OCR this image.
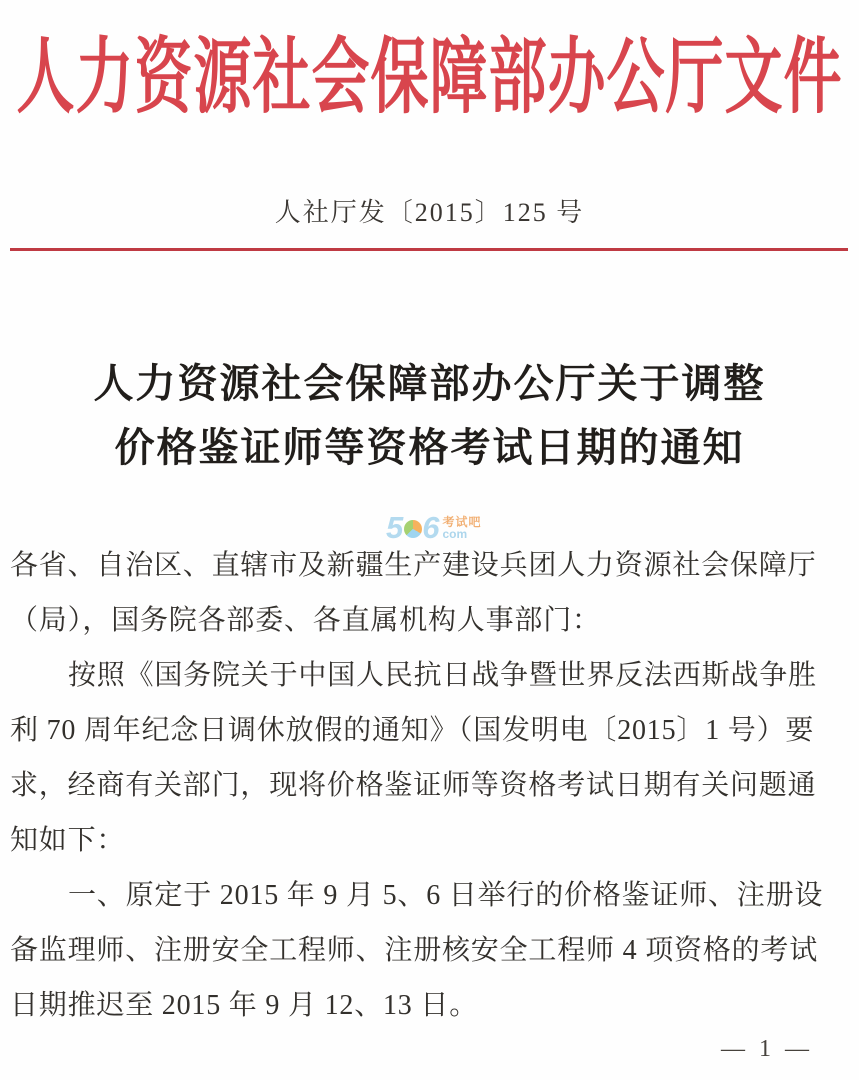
人力资源社会保障部办公厅文件
人社厅发〔2015〕125 号
人力资源社会保障部办公厅关于调整
价格鉴证师等资格考试日期的通知
5 6 考试吧
com
各省、自治区、直辖市及新疆生产建设兵团人力资源社会保障厅
（局），国务院各部委、各直属机构人事部门：
按照《国务院关于中国人民抗日战争暨世界反法西斯战争胜
利 70 周年纪念日调休放假的通知》（国发明电〔2015〕1 号）要
求，经商有关部门，现将价格鉴证师等资格考试日期有关问题通
知如下：
一、原定于 2015 年 9 月 5、6 日举行的价格鉴证师、注册设
备监理师、注册安全工程师、注册核安全工程师 4 项资格的考试
日期推迟至 2015 年 9 月 12、13 日。
— 1 —
